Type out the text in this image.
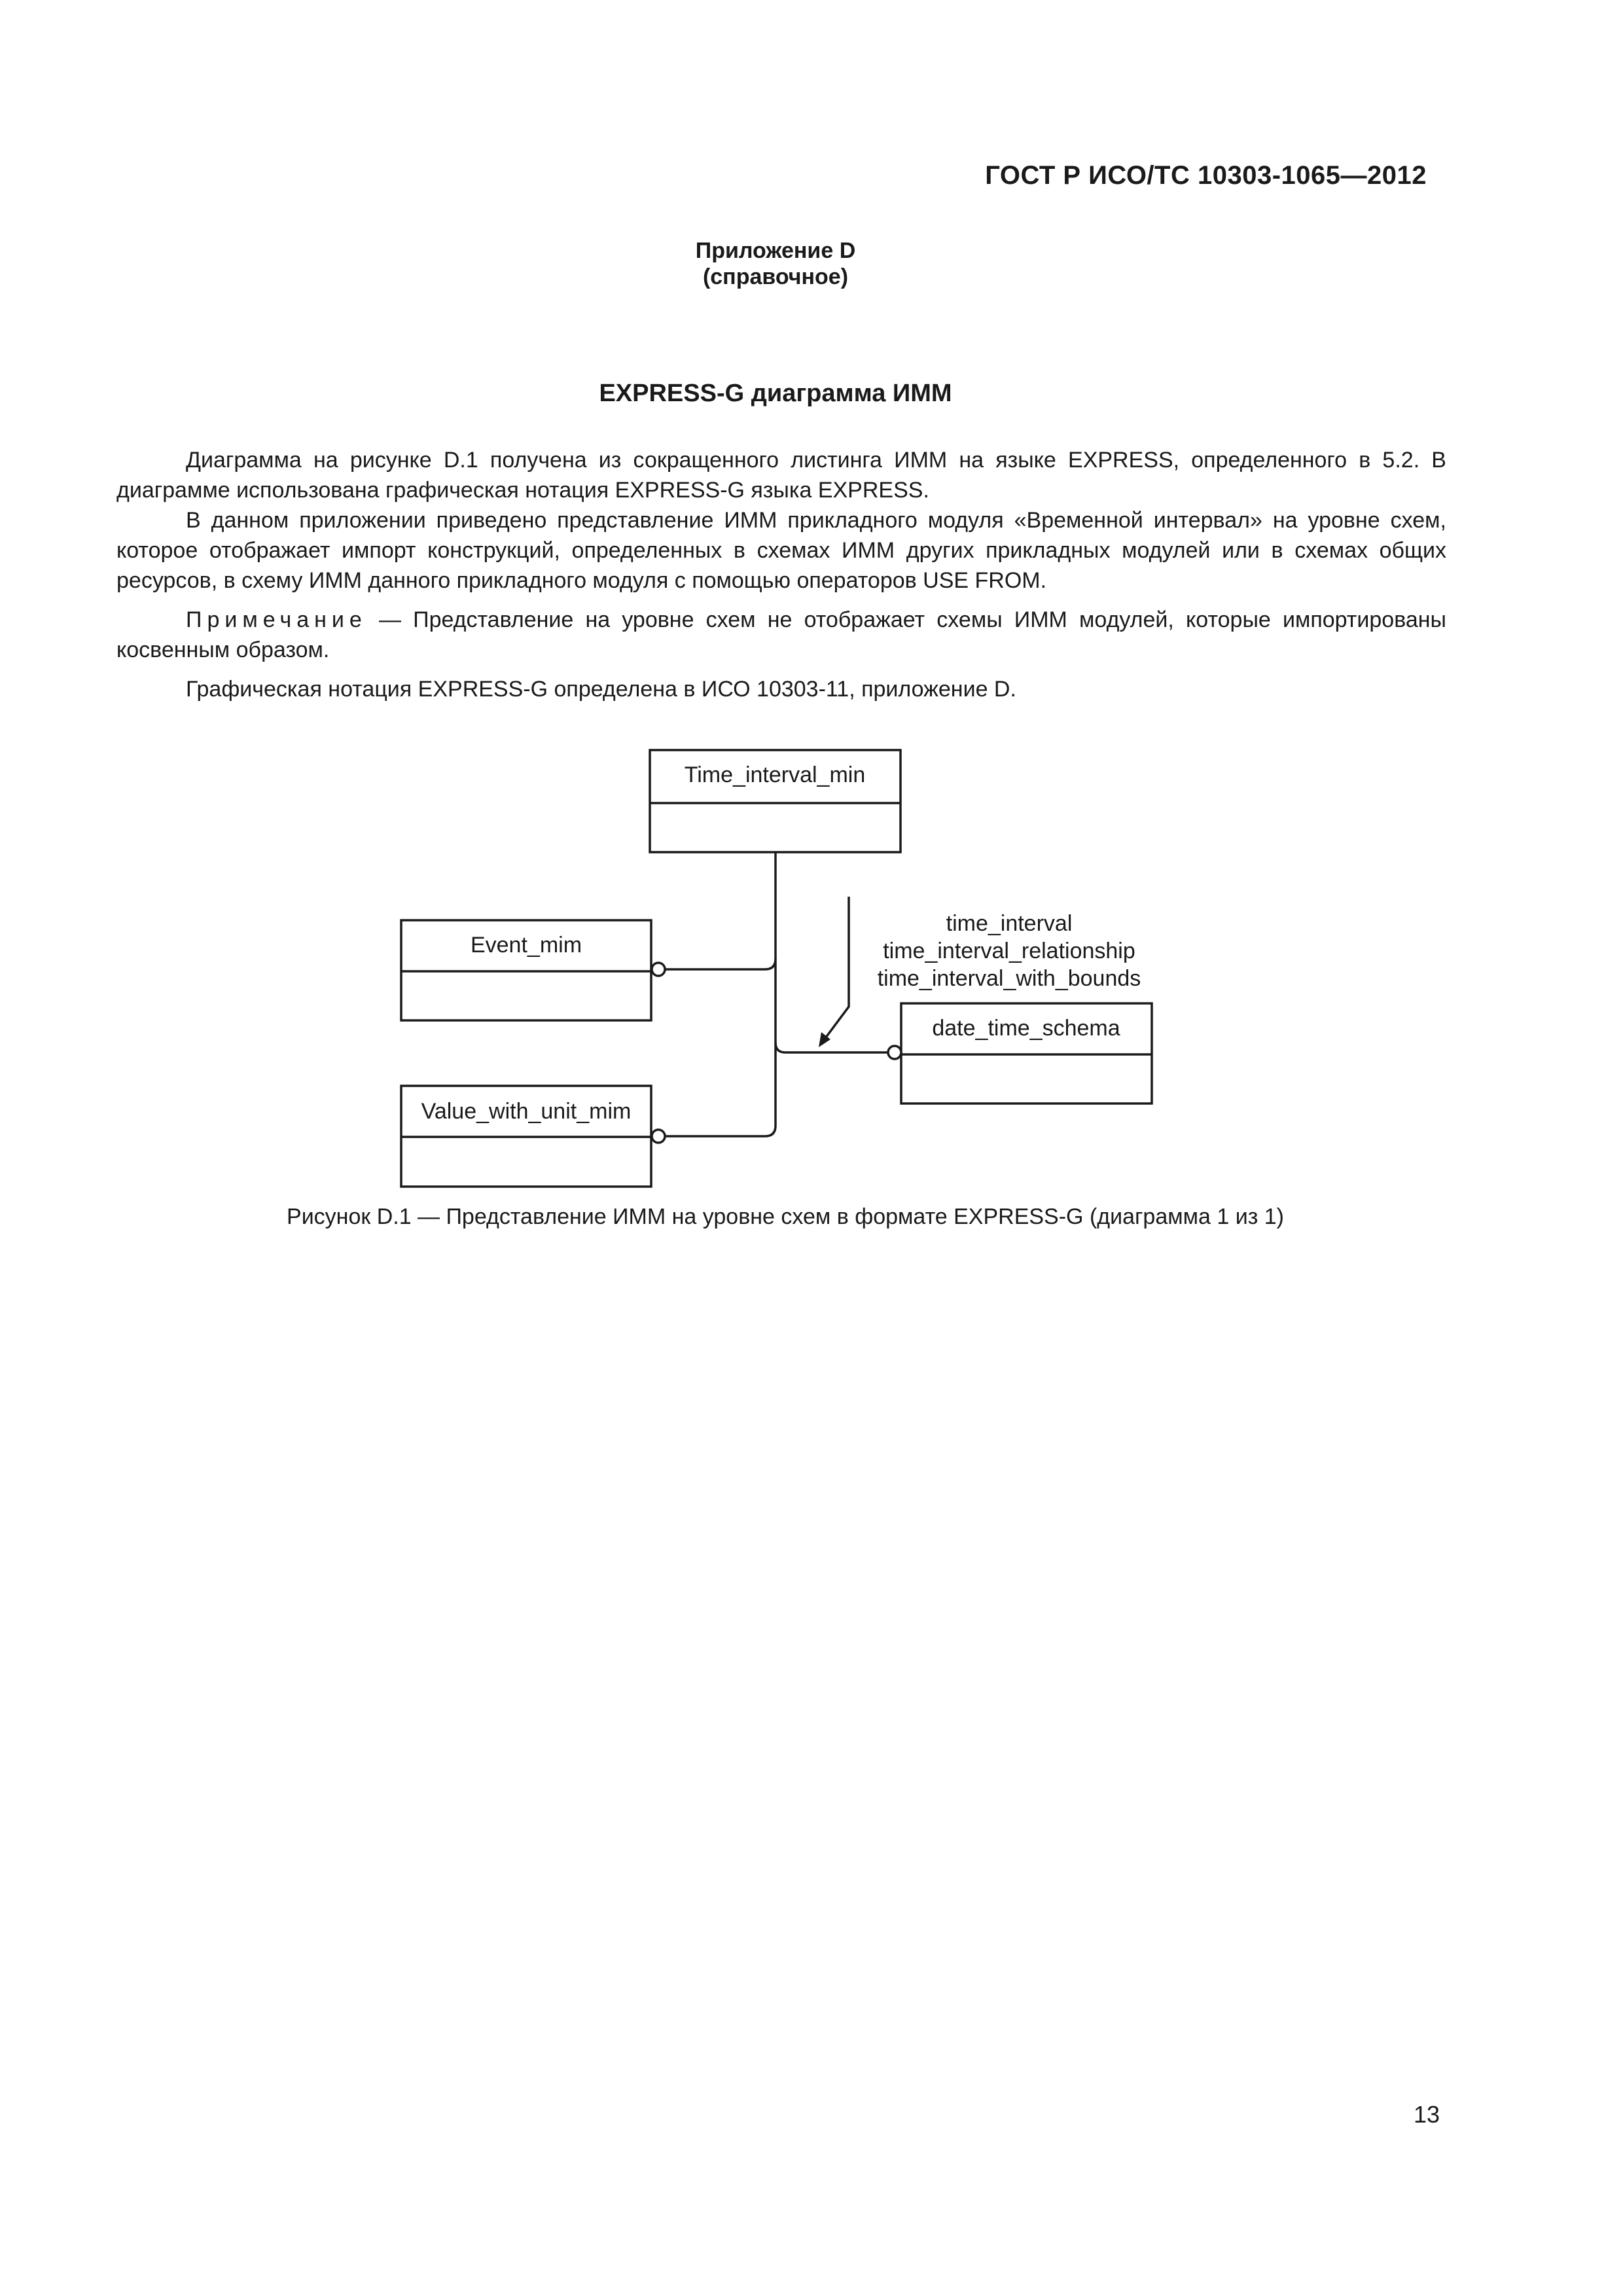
ГОСТ Р ИСО/ТС 10303-1065—2012
Приложение D
(справочное)
EXPRESS-G диаграмма ИММ
Диаграмма на рисунке D.1 получена из сокращенного листинга ИММ на языке EXPRESS, определенного в 5.2. В диаграмме использована графическая нотация EXPRESS-G языка EXPRESS.
В данном приложении приведено представление ИММ прикладного модуля «Временной интервал» на уровне схем, которое отображает импорт конструкций, определенных в схемах ИММ других прикладных модулей или в схемах общих ресурсов, в схему ИММ данного прикладного модуля с помощью операторов USE FROM.
Примечание — Представление на уровне схем не отображает схемы ИММ модулей, которые импортированы косвенным образом.
Графическая нотация EXPRESS-G определена в ИСО 10303-11, приложение D.
Time_interval_min
Event_mim
Value_with_unit_mim
date_time_schema
time_interval
time_interval_relationship
time_interval_with_bounds
Рисунок D.1 — Представление ИММ на уровне схем в формате EXPRESS-G (диаграмма 1 из 1)
13
